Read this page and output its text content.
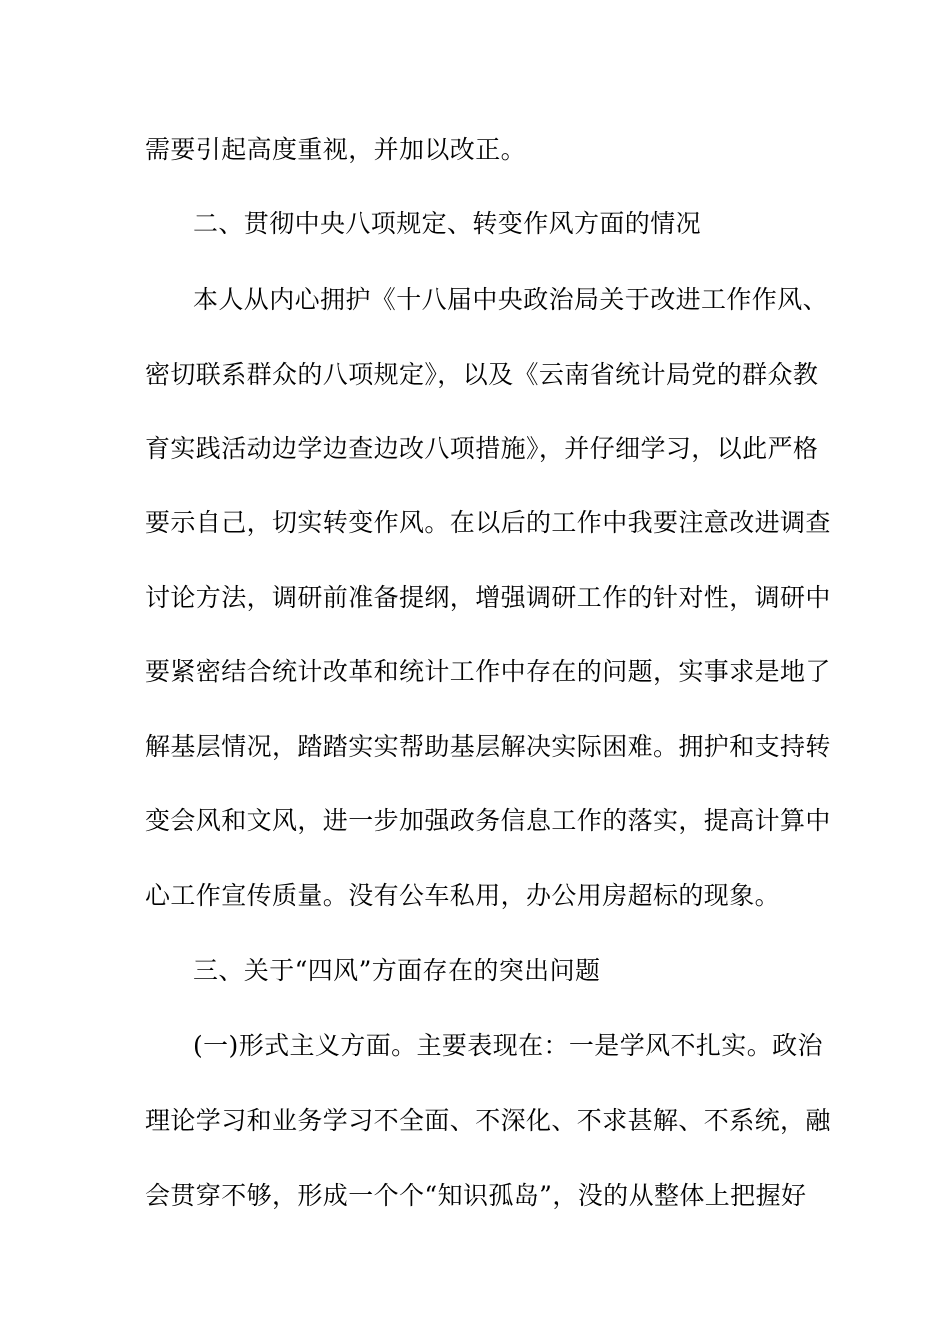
需要引起高度重视，并加以改正。
二、贯彻中央八项规定、转变作风方面的情况
本人从内心拥护《十八届中央政治局关于改进工作作风、
密切联系群众的八项规定》，以及《云南省统计局党的群众教
育实践活动边学边查边改八项措施》，并仔细学习，以此严格
要示自己，切实转变作风。在以后的工作中我要注意改进调查
讨论方法，调研前准备提纲，增强调研工作的针对性，调研中
要紧密结合统计改革和统计工作中存在的问题，实事求是地了
解基层情况，踏踏实实帮助基层解决实际困难。拥护和支持转
变会风和文风，进一步加强政务信息工作的落实，提高计算中
心工作宣传质量。没有公车私用，办公用房超标的现象。
三、关于“四风”方面存在的突出问题
(一)形式主义方面。主要表现在：一是学风不扎实。政治
理论学习和业务学习不全面、不深化、不求甚解、不系统，融
会贯穿不够，形成一个个“知识孤岛”，没的从整体上把握好
